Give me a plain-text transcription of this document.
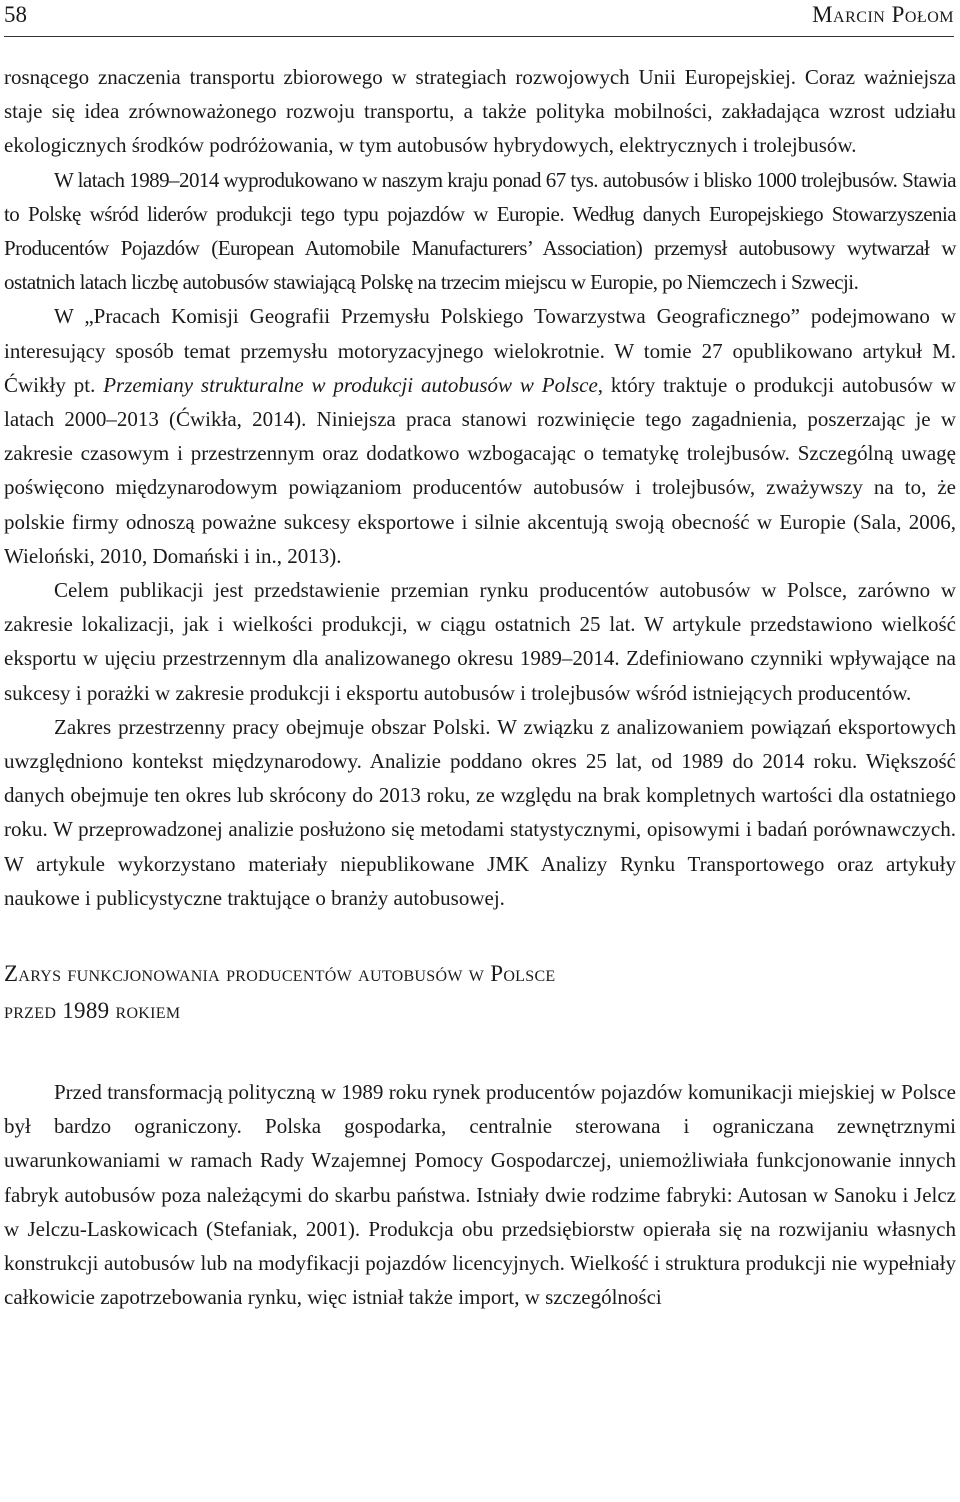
58	Marcin Połom

rosnącego znaczenia transportu zbiorowego w strategiach rozwojowych Unii Europejskiej. Coraz ważniejsza staje się idea zrównoważonego rozwoju transportu, a także polityka mobilności, zakładająca wzrost udziału ekologicznych środków podróżowania, w tym autobusów hybrydowych, elektrycznych i trolejbusów.

W latach 1989–2014 wyprodukowano w naszym kraju ponad 67 tys. autobusów i blisko 1000 trolejbusów. Stawia to Polskę wśród liderów produkcji tego typu pojazdów w Europie. Według danych Europejskiego Stowarzyszenia Producentów Pojazdów (European Automobile Manufacturers’ Association) przemysł autobusowy wytwarzał w ostatnich latach liczbę autobusów stawiającą Polskę na trzecim miejscu w Europie, po Niemczech i Szwecji.

W „Pracach Komisji Geografii Przemysłu Polskiego Towarzystwa Geograficznego” podejmowano w interesujący sposób temat przemysłu motoryzacyjnego wielokrotnie. W tomie 27 opublikowano artykuł M. Ćwikły pt. Przemiany strukturalne w produkcji autobusów w Polsce, który traktuje o produkcji autobusów w latach 2000–2013 (Ćwikła, 2014). Niniejsza praca stanowi rozwinięcie tego zagadnienia, poszerzając je w zakresie czasowym i przestrzennym oraz dodatkowo wzbogacając o tematykę trolejbusów. Szczególną uwagę poświęcono międzynarodowym powiązaniom producentów autobusów i trolejbusów, zważywszy na to, że polskie firmy odnoszą poważne sukcesy eksportowe i silnie akcentują swoją obecność w Europie (Sala, 2006, Wieloński, 2010, Domański i in., 2013).

Celem publikacji jest przedstawienie przemian rynku producentów autobusów w Polsce, zarówno w zakresie lokalizacji, jak i wielkości produkcji, w ciągu ostatnich 25 lat. W artykule przedstawiono wielkość eksportu w ujęciu przestrzennym dla analizowanego okresu 1989–2014. Zdefiniowano czynniki wpływające na sukcesy i porażki w zakresie produkcji i eksportu autobusów i trolejbusów wśród istniejących producentów.

Zakres przestrzenny pracy obejmuje obszar Polski. W związku z analizowaniem powiązań eksportowych uwzględniono kontekst międzynarodowy. Analizie poddano okres 25 lat, od 1989 do 2014 roku. Większość danych obejmuje ten okres lub skrócony do 2013 roku, ze względu na brak kompletnych wartości dla ostatniego roku. W przeprowadzonej analizie posłużono się metodami statystycznymi, opisowymi i badań porównawczych. W artykule wykorzystano materiały niepublikowane JMK Analizy Rynku Transportowego oraz artykuły naukowe i publicystyczne traktujące o branży autobusowej.

Zarys funkcjonowania producentów autobusów w Polsce
przed 1989 rokiem

Przed transformacją polityczną w 1989 roku rynek producentów pojazdów komunikacji miejskiej w Polsce był bardzo ograniczony. Polska gospodarka, centralnie sterowana i ograniczana zewnętrznymi uwarunkowaniami w ramach Rady Wzajemnej Pomocy Gospodarczej, uniemożliwiała funkcjonowanie innych fabryk autobusów poza należącymi do skarbu państwa. Istniały dwie rodzime fabryki: Autosan w Sanoku i Jelcz w Jelczu-Laskowicach (Stefaniak, 2001). Produkcja obu przedsiębiorstw opierała się na rozwijaniu własnych konstrukcji autobusów lub na modyfikacji pojazdów licencyjnych. Wielkość i struktura produkcji nie wypełniały całkowicie zapotrzebowania rynku, więc istniał także import, w szczególności
